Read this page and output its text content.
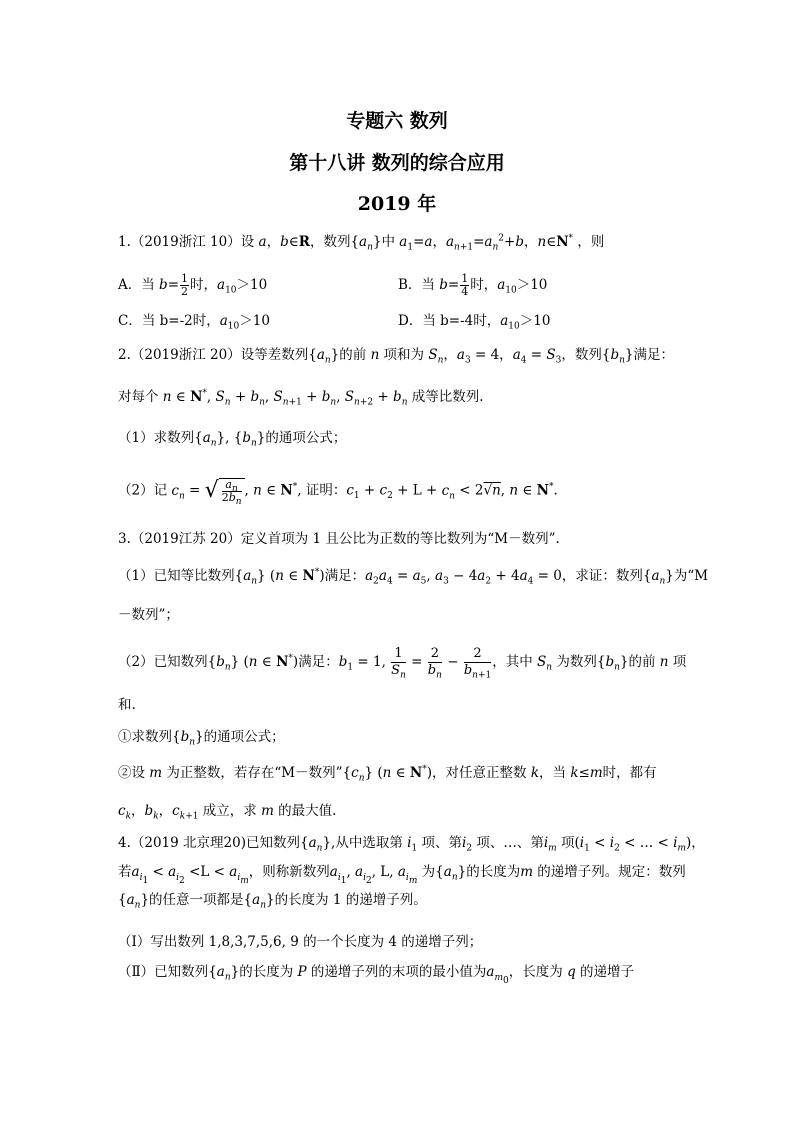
专题六 数列
第十八讲 数列的综合应用
2019 年
1.（2019浙江 10）设 a，b∈R，数列$\{a_n\}$中 $a_1=a$，$a_{n+1}=a_n^2+b$，n∈N* ，则
A．当 $b= \frac{1}{2}$ 时，$a_{10}>10$	B．当 $b= \frac{1}{4}$ 时，$a_{10}>10$
C．当 b=-2时，$a_{10}>10$	D．当 b=-4时，$a_{10}>10$
2.（2019浙江 20）设等差数列$\{a_n\}$的前 n 项和为 $S_n$，$a_3 = 4$，$a_4 = S_3$，数列$\{b_n\}$满足：
对每个 n ∈ N*, $S_n + b_n$, $S_{n+1} + b_n$, $S_{n+2} + b_n$ 成等比数列.
（1）求数列$\{a_n\}$, $\{b_n\}$的通项公式；
（2）记 $c_n$ = √ $\frac{a_n}{2b_n}$ , n ∈ N*, 证明：$c_1 + c_2 + L + c_n < 2√n$, n ∈ N*.
3.（2019江苏 20）定义首项为 1 且公比为正数的等比数列为“M－数列”.
（1）已知等比数列$\{a_n\}$ (n ∈ N*)满足：$a_2a_4 = a_5$, $a_3 - 4a_2 + 4a_4 = 0$，求证：数列$\{a_n\}$为“M
－数列”；
（2）已知数列$\{b_n\}$ (n ∈ N*)满足：$b_1 = 1$, $\frac{1}{S_n} = \frac{2}{b_n} - \frac{2}{b_{n+1}}$ ，其中 $S_n$ 为数列$\{b_n\}$的前 n 项
和.
①求数列$\{b_n\}$的通项公式；
②设 m 为正整数，若存在“M－数列$”\{c_n\}$ (n ∈ N*)，对任意正整数 k，当 k≤m时，都有
$c_k$，$b_k$，$c_{k+1}$ 成立，求 m 的最大值.
4.（2019 北京理20)已知数列$\{a_n\}$,从中选取第 $i_1$ 项、第$i_2$ 项、…、第$i_m$ 项($i_1 < i_2$ < … < $i_m$)，
若$a_{i_1} < a_{i_2} <L < a_{i_m}$，则称新数列$a_{i_1}$, $a_{i_2}$, L, $a_{i_m}$ 为$\{a_n\}$的长度为m 的递增子列。规定：数列
$\{a_n\}$的任意一项都是$\{a_n\}$的长度为 1 的递增子列。
（Ⅰ）写出数列 1,8,3,7,5,6, 9 的一个长度为 4 的递增子列；
（Ⅱ）已知数列$\{a_n\}$的长度为 P 的递增子列的末项的最小值为$a_{m_0}$，长度为 q 的递增子
